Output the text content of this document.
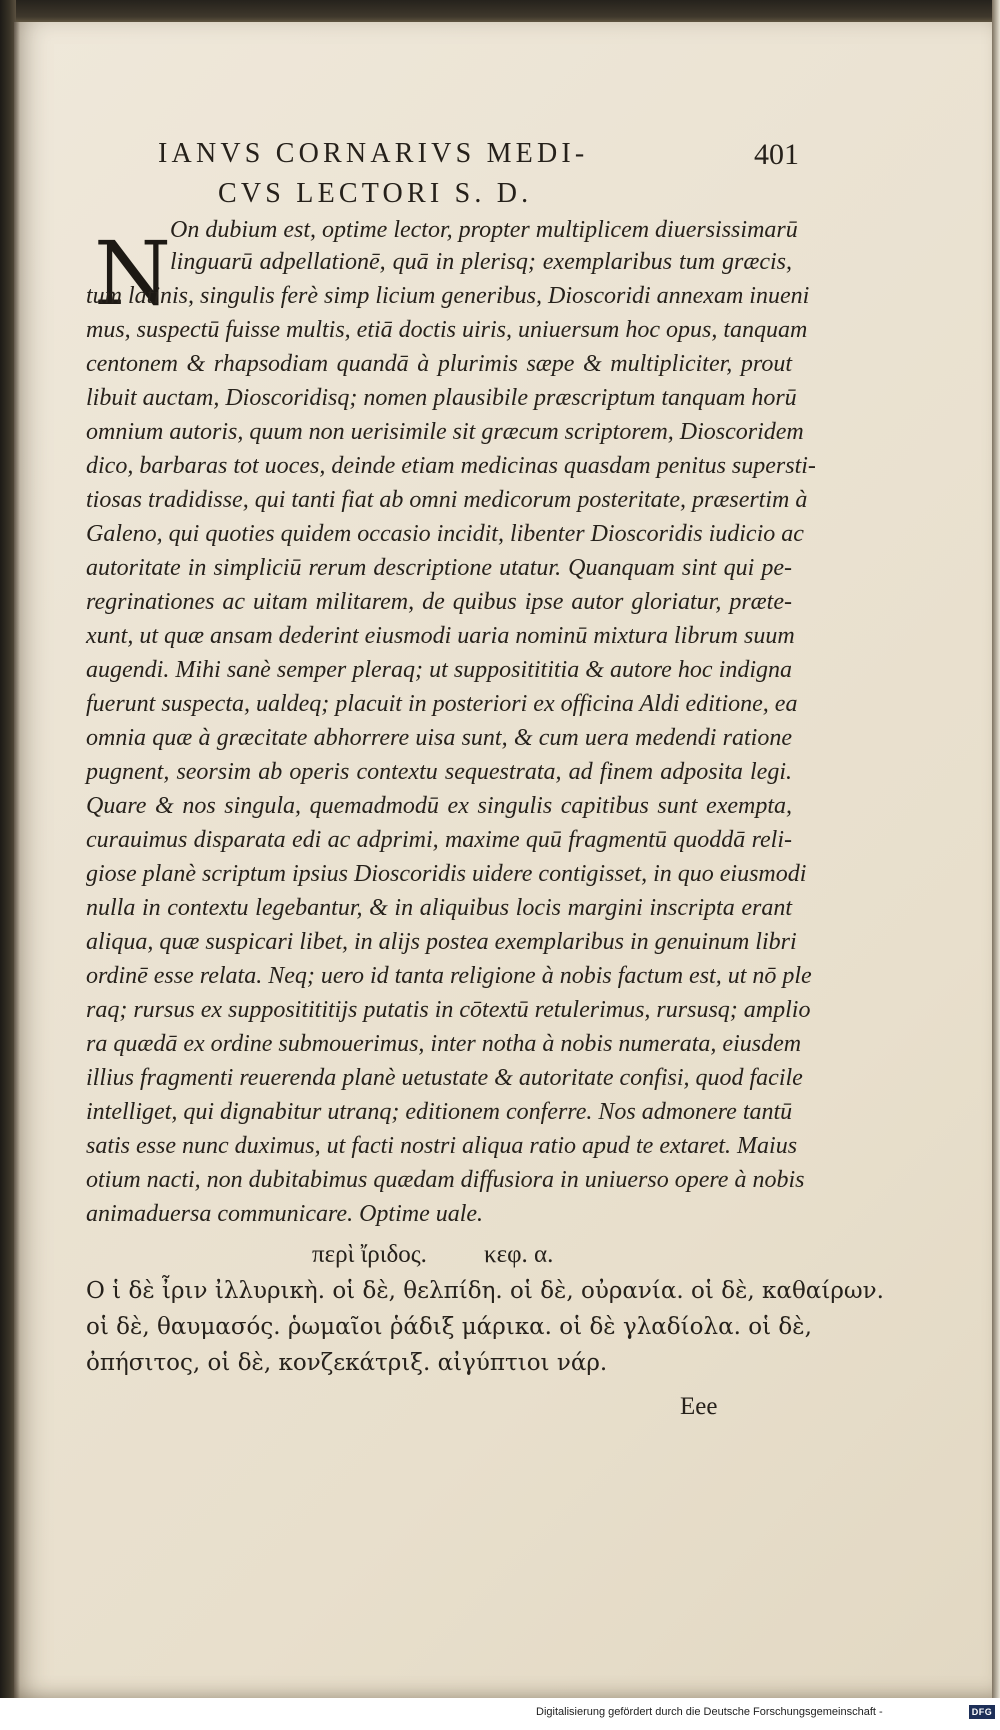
IANVS CORNARIVS MEDI-
CVS LECTORI S. D.
401
N On dubium est, optime lector, propter multiplicem diuersissimarū
linguarū adpellationē, quā in plerisq; exemplaribus tum græcis,
tum latinis, singulis ferè simp licium generibus, Dioscoridi annexam inueni
mus, suspectū fuisse multis, etiā doctis uiris, uniuersum hoc opus, tanquam
centonem & rhapsodiam quandā à plurimis sæpe & multipliciter, prout
libuit auctam, Dioscoridisq; nomen plausibile præscriptum tanquam horū
omnium autoris, quum non uerisimile sit græcum scriptorem, Dioscoridem
dico, barbaras tot uoces, deinde etiam medicinas quasdam penitus supersti-
tiosas tradidisse, qui tanti fiat ab omni medicorum posteritate, præsertim à
Galeno, qui quoties quidem occasio incidit, libenter Dioscoridis iudicio ac
autoritate in simpliciū rerum descriptione utatur. Quanquam sint qui pe-
regrinationes ac uitam militarem, de quibus ipse autor gloriatur, præte-
xunt, ut quæ ansam dederint eiusmodi uaria nominū mixtura librum suum
augendi. Mihi sanè semper pleraq; ut suppositititia & autore hoc indigna
fuerunt suspecta, ualdeq; placuit in posteriori ex officina Aldi editione, ea
omnia quæ à græcitate abhorrere uisa sunt, & cum uera medendi ratione
pugnent, seorsim ab operis contextu sequestrata, ad finem adposita legi.
Quare & nos singula, quemadmodū ex singulis capitibus sunt exempta,
curauimus disparata edi ac adprimi, maxime quū fragmentū quoddā reli-
giose planè scriptum ipsius Dioscoridis uidere contigisset, in quo eiusmodi
nulla in contextu legebantur, & in aliquibus locis margini inscripta erant
aliqua, quæ suspicari libet, in alijs postea exemplaribus in genuinum libri
ordinē esse relata. Neq; uero id tanta religione à nobis factum est, ut nō ple
raq; rursus ex suppositititijs putatis in cōtextū retulerimus, rursusq; amplio
ra quædā ex ordine submouerimus, inter notha à nobis numerata, eiusdem
illius fragmenti reuerenda planè uetustate & autoritate confisi, quod facile
intelliget, qui dignabitur utranq; editionem conferre. Nos admonere tantū
satis esse nunc duximus, ut facti nostri aliqua ratio apud te extaret. Maius
otium nacti, non dubitabimus quædam diffusiora in uniuerso opere à nobis
animaduersa communicare. Optime uale.
περὶ ἴριδος. κεφ. α.
Ο ἱ δὲ ἶριν ἰλλυρικὴ. οἱ δὲ, θελπίδη. οἱ δὲ, οὐρανία. οἱ δὲ, καθαίρων.
οἱ δὲ, θαυμασός. ῥωμαῖοι ῥάδιξ μάρικα. οἱ δὲ γλαδίολα. οἱ δὲ,
ὀπήσιτος, οἱ δὲ, κονζεκάτριξ. αἰγύπτιοι νάρ.
Eee
Digitalisierung gefördert durch die Deutsche Forschungsgemeinschaft -	DFG
